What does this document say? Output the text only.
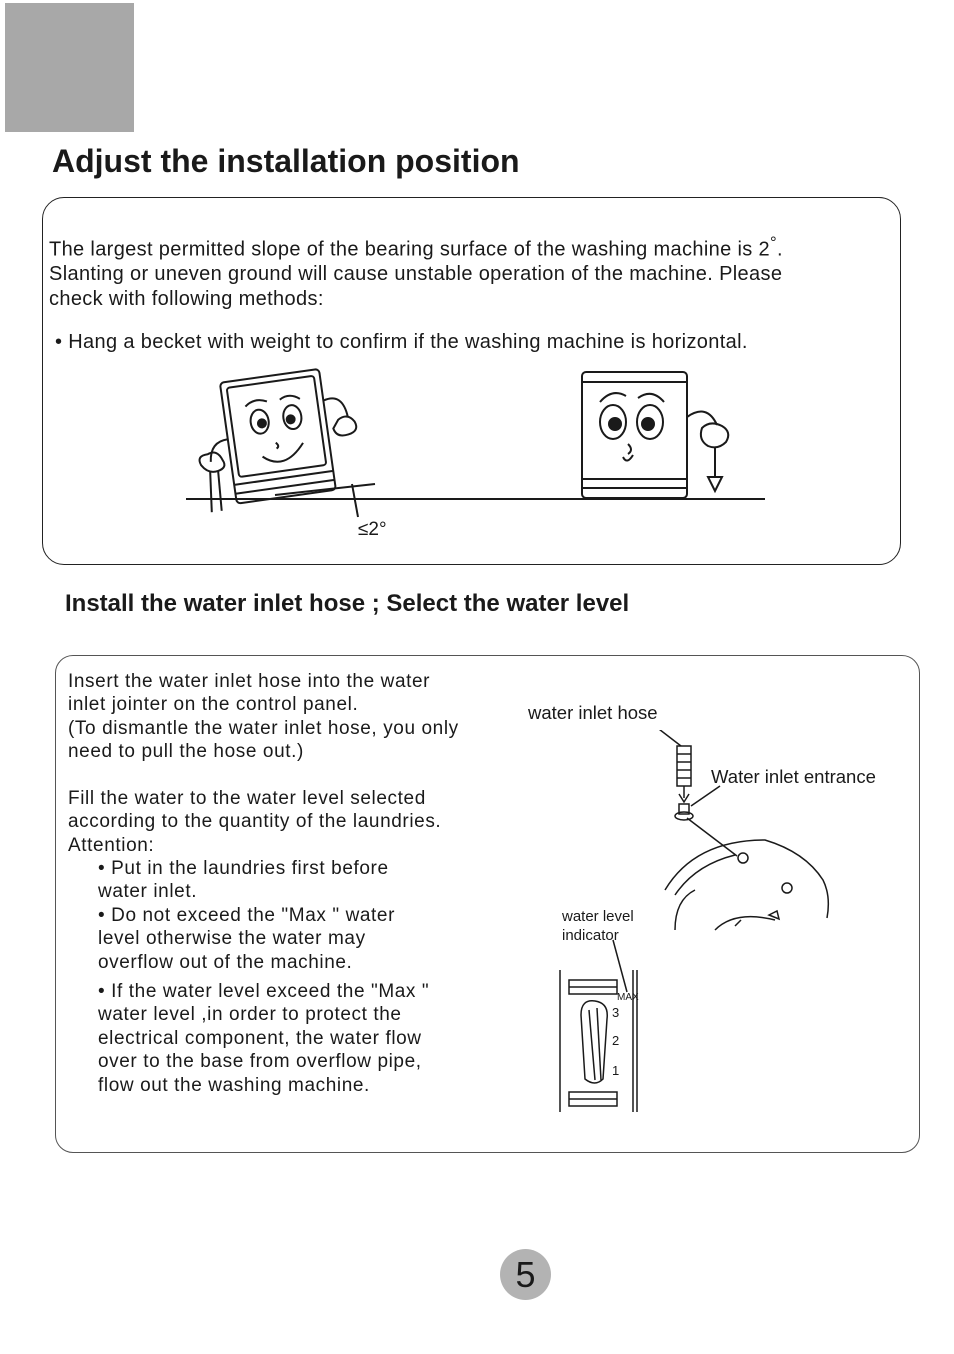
Adjust the installation position

The largest permitted slope of the bearing surface of the washing machine is 2°.
Slanting or uneven ground will cause unstable operation of the machine. Please
check with following methods:

• Hang a becket with weight to confirm if the washing machine is horizontal.

≤2°
Install the water inlet hose ; Select the water level

Insert the water inlet hose into the water
inlet jointer on the control panel.
(To dismantle the water inlet hose, you only
need to pull the hose out.)

Fill the water to the water level selected
according to the quantity of the laundries.
Attention:

• Put in the laundries first before
water inlet.

• Do not exceed the "Max " water
level otherwise the water may
overflow out of the machine.

• If the water level exceed the "Max "
water level ,in order to protect the
electrical component, the water flow
over to the base from overflow pipe,
flow out the washing machine.

water inlet hose

Water inlet entrance

water level
indicator

MAX
3
2
1
5
